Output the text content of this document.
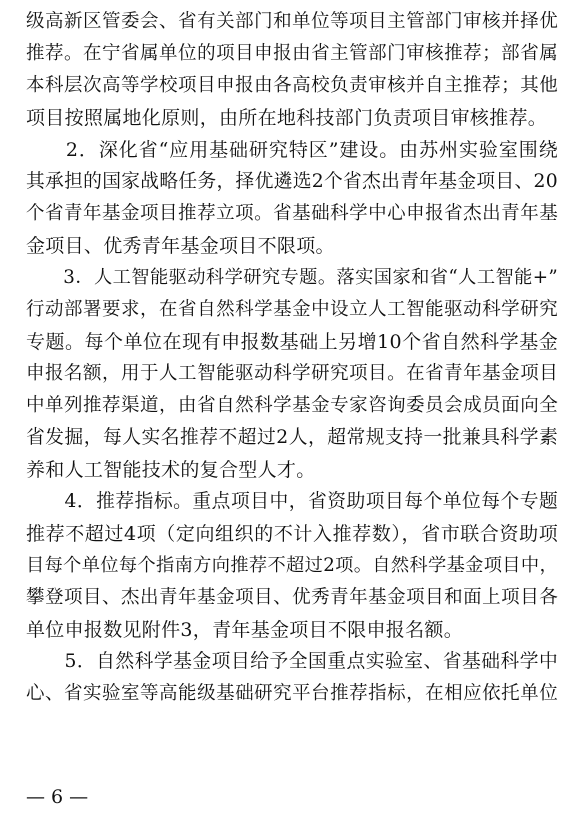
级高新区管委会、省有关部门和单位等项目主管部门审核并择优
推荐。在宁省属单位的项目申报由省主管部门审核推荐；部省属
本科层次高等学校项目申报由各高校负责审核并自主推荐；其他
项目按照属地化原则，由所在地科技部门负责项目审核推荐。
　　2．深化省“应用基础研究特区”建设。由苏州实验室围绕
其承担的国家战略任务，择优遴选2个省杰出青年基金项目、20
个省青年基金项目推荐立项。省基础科学中心申报省杰出青年基
金项目、优秀青年基金项目不限项。
　　3．人工智能驱动科学研究专题。落实国家和省“人工智能+”
行动部署要求，在省自然科学基金中设立人工智能驱动科学研究
专题。每个单位在现有申报数基础上另增10个省自然科学基金
申报名额，用于人工智能驱动科学研究项目。在省青年基金项目
中单列推荐渠道，由省自然科学基金专家咨询委员会成员面向全
省发掘，每人实名推荐不超过2人，超常规支持一批兼具科学素
养和人工智能技术的复合型人才。
　　4．推荐指标。重点项目中，省资助项目每个单位每个专题
推荐不超过4项（定向组织的不计入推荐数），省市联合资助项
目每个单位每个指南方向推荐不超过2项。自然科学基金项目中，
攀登项目、杰出青年基金项目、优秀青年基金项目和面上项目各
单位申报数见附件3，青年基金项目不限申报名额。
　　5．自然科学基金项目给予全国重点实验室、省基础科学中
心、省实验室等高能级基础研究平台推荐指标，在相应依托单位
— 6 —
